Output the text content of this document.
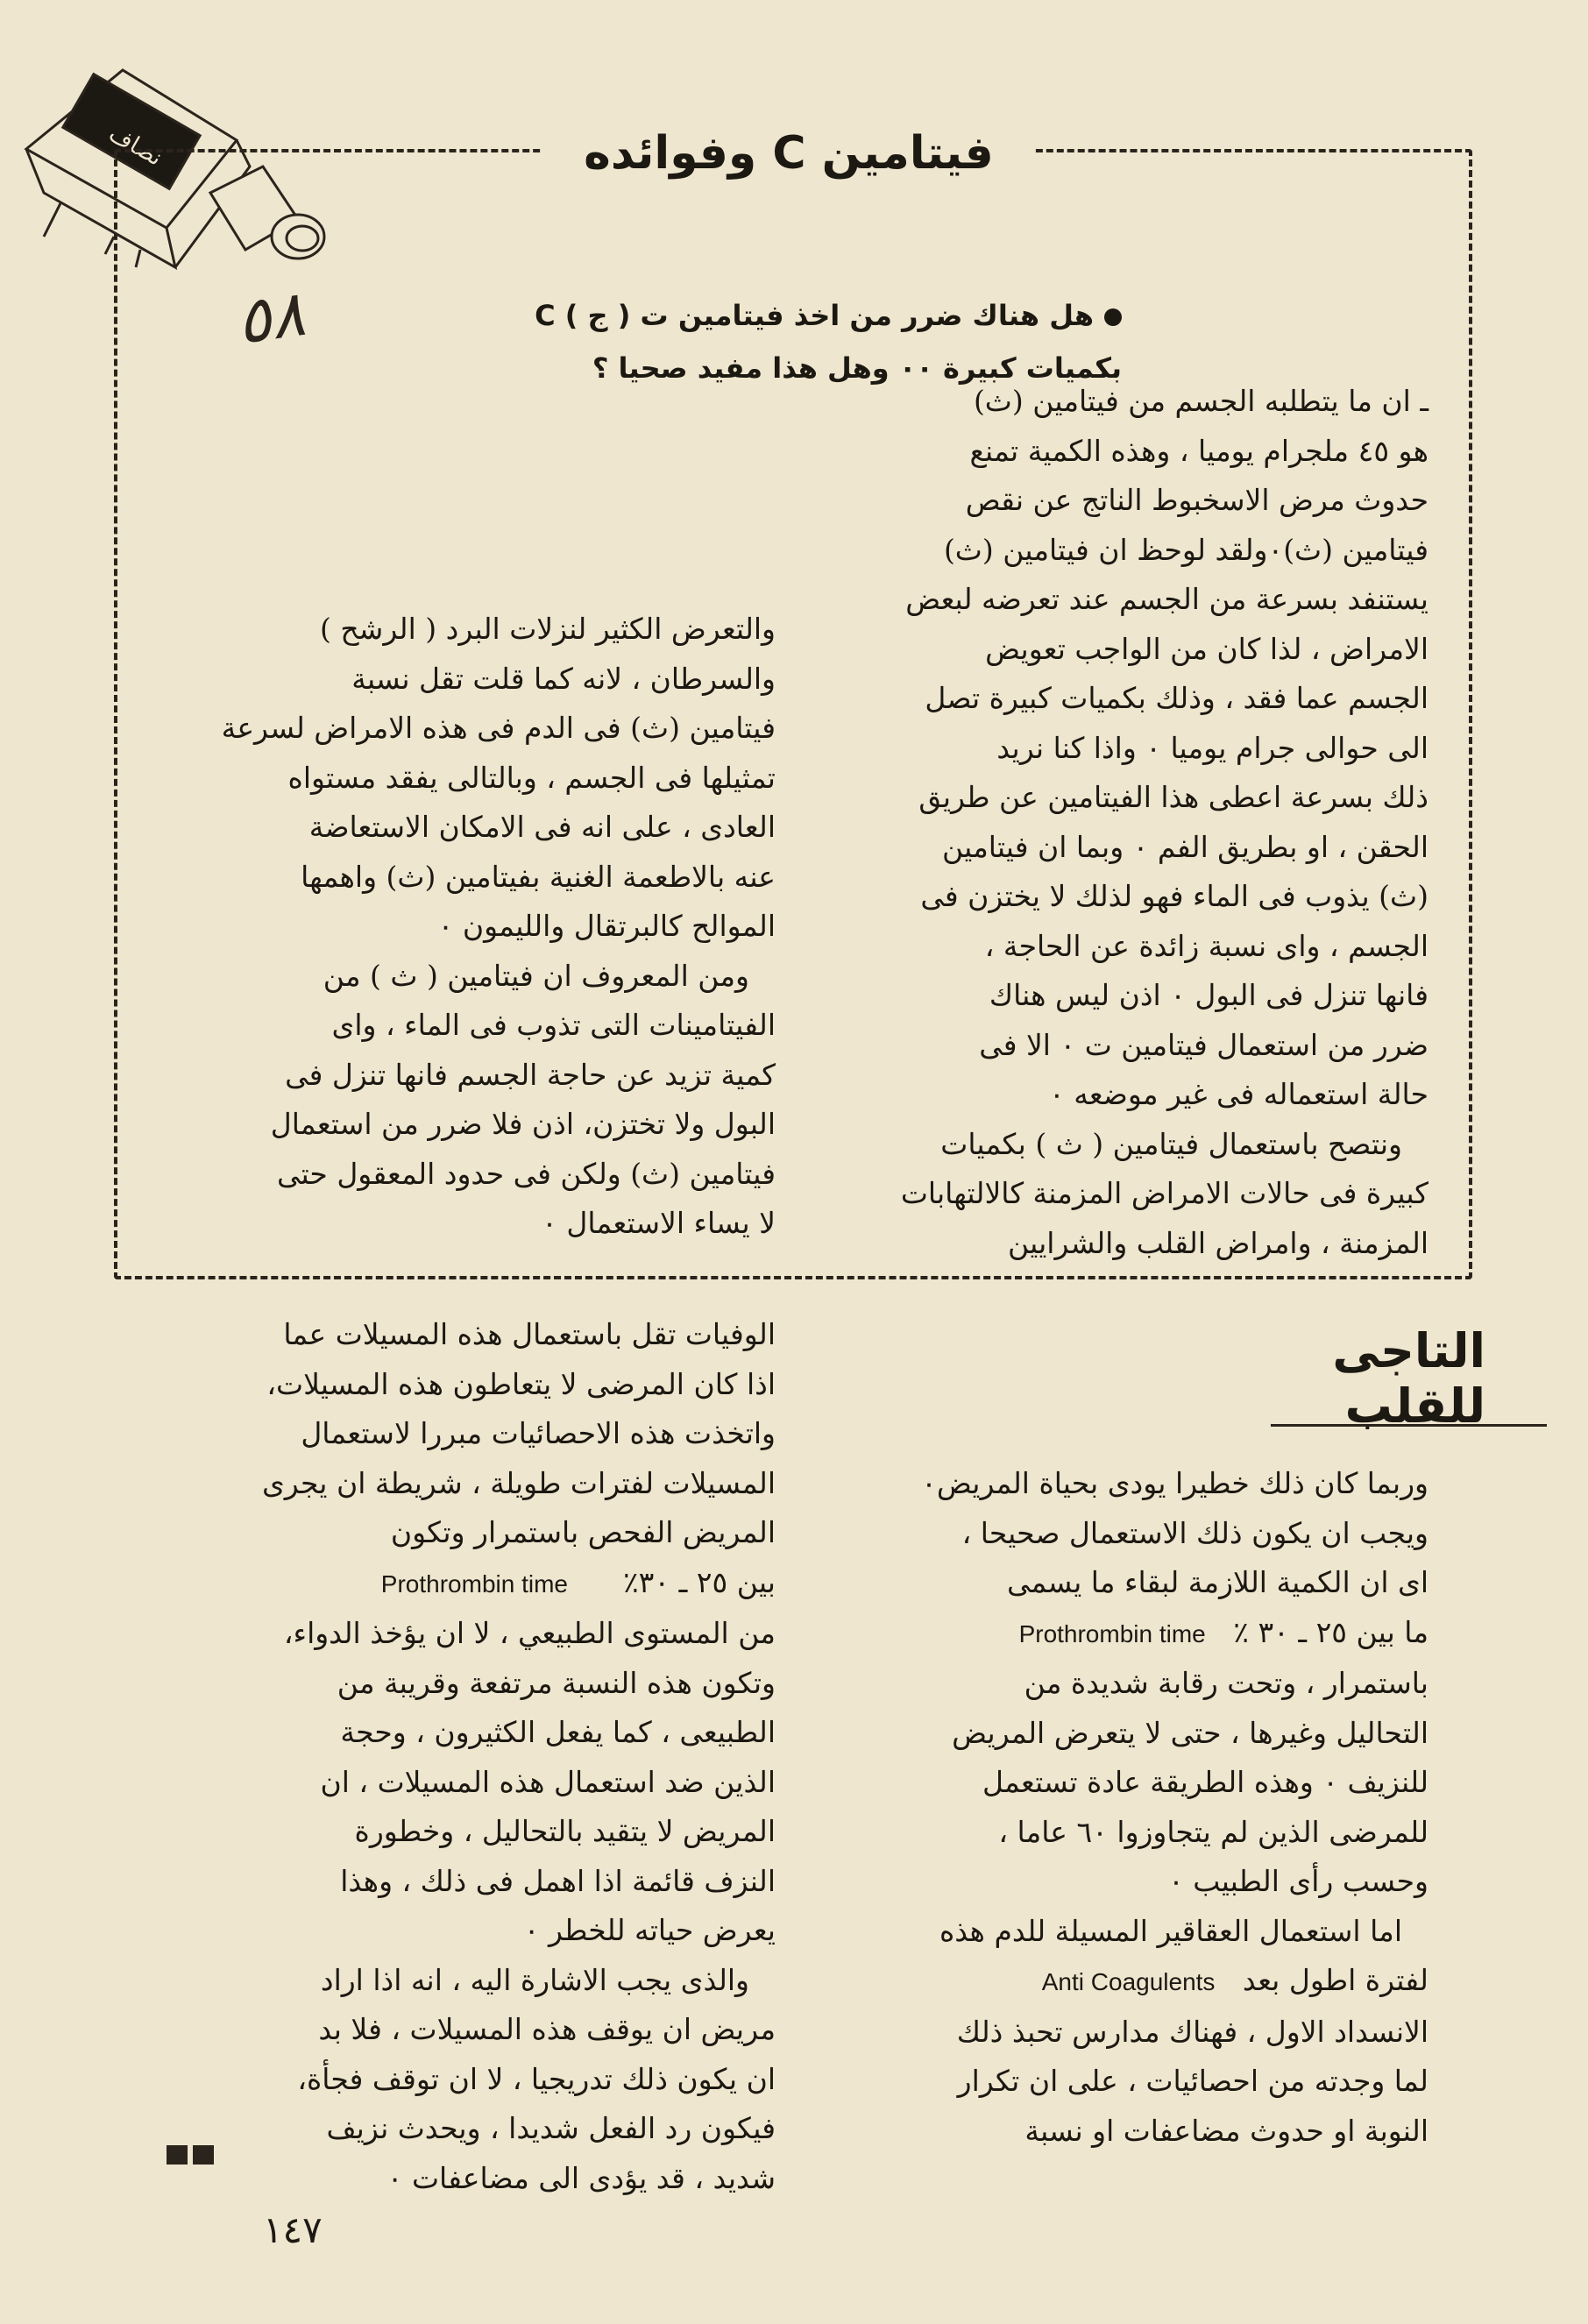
نصاف	فيتامين C وفوائده
٥٨	هل هناك ضرر من اخذ فيتامين ت ( ج ) C
بكميات كبيرة ٠٠ وهل هذا مفيد صحيا ؟

ـ ان ما يتطلبه الجسم من فيتامين (ث)
هو ٤٥ ملجرام يوميا ، وهذه الكمية تمنع
حدوث مرض الاسخبوط الناتج عن نقص
فيتامين (ث)٠ولقد لوحظ ان فيتامين (ث)
يستنفد بسرعة من الجسم عند تعرضه لبعض
الامراض ، لذا كان من الواجب تعويض
الجسم عما فقد ، وذلك بكميات كبيرة تصل
الى حوالى جرام يوميا ٠ واذا كنا نريد
ذلك بسرعة اعطى هذا الفيتامين عن طريق
الحقن ، او بطريق الفم ٠ وبما ان فيتامين
(ث) يذوب فى الماء فهو لذلك لا يختزن فى
الجسم ، واى نسبة زائدة عن الحاجة ،
فانها تنزل فى البول ٠ اذن ليس هناك
ضرر من استعمال فيتامين ت ٠ الا فى
حالة استعماله فى غير موضعه ٠

ونتصح باستعمال فيتامين ( ث ) بكميات
كبيرة فى حالات الامراض المزمنة كالالتهابات
المزمنة ، وامراض القلب والشرايين

والتعرض الكثير لنزلات البرد ( الرشح )
والسرطان ، لانه كما قلت تقل نسبة
فيتامين (ث) فى الدم فى هذه الامراض لسرعة
تمثيلها فى الجسم ، وبالتالى يفقد مستواه
العادى ، على انه فى الامكان الاستعاضة
عنه بالاطعمة الغنية بفيتامين (ث) واهمها
الموالح كالبرتقال والليمون ٠

ومن المعروف ان فيتامين ( ث ) من
الفيتامينات التى تذوب فى الماء ، واى
كمية تزيد عن حاجة الجسم فانها تنزل فى
البول ولا تختزن، اذن فلا ضرر من استعمال
فيتامين (ث) ولكن فى حدود المعقول حتى
لا يساء الاستعمال ٠

التاجى للقلب

وربما كان ذلك خطيرا يودى بحياة المريض٠
ويجب ان يكون ذلك الاستعمال صحيحا ،
اى ان الكمية اللازمة لبقاء ما يسمى

ما بين ٢٥ ـ ٣٠ ٪   Prothrombin time

باستمرار ، وتحت رقابة شديدة من
التحاليل وغيرها ، حتى لا يتعرض المريض
للنزيف ٠ وهذه الطريقة عادة تستعمل
للمرضى الذين لم يتجاوزوا ٦٠ عاما ،
وحسب رأى الطبيب ٠

اما استعمال العقاقير المسيلة للدم هذه

لفترة اطول بعد   Anti Coagulents

الانسداد الاول ، فهناك مدارس تحبذ ذلك
لما وجدته من احصائيات ، على ان تكرار
النوبة او حدوث مضاعفات او نسبة

الوفيات تقل باستعمال هذه المسيلات عما
اذا كان المرضى لا يتعاطون هذه المسيلات،
واتخذت هذه الاحصائيات مبررا لاستعمال
المسيلات لفترات طويلة ، شريطة ان يجرى
المريض الفحص باستمرار وتكون

بين ٢٥ ـ ٣٠٪      Prothrombin time

من المستوى الطبيعي ، لا ان يؤخذ الدواء،
وتكون هذه النسبة مرتفعة وقريبة من
الطبيعى ، كما يفعل الكثيرون ، وحجة
الذين ضد استعمال هذه المسيلات ، ان
المريض لا يتقيد بالتحاليل ، وخطورة
النزف قائمة اذا اهمل فى ذلك ، وهذا
يعرض حياته للخطر ٠

والذى يجب الاشارة اليه ، انه اذا اراد
مريض ان يوقف هذه المسيلات ، فلا بد
ان يكون ذلك تدريجيا ، لا ان توقف فجأة،
فيكون رد الفعل شديدا ، ويحدث نزيف
شديد ، قد يؤدى الى مضاعفات ٠

١٤٧
